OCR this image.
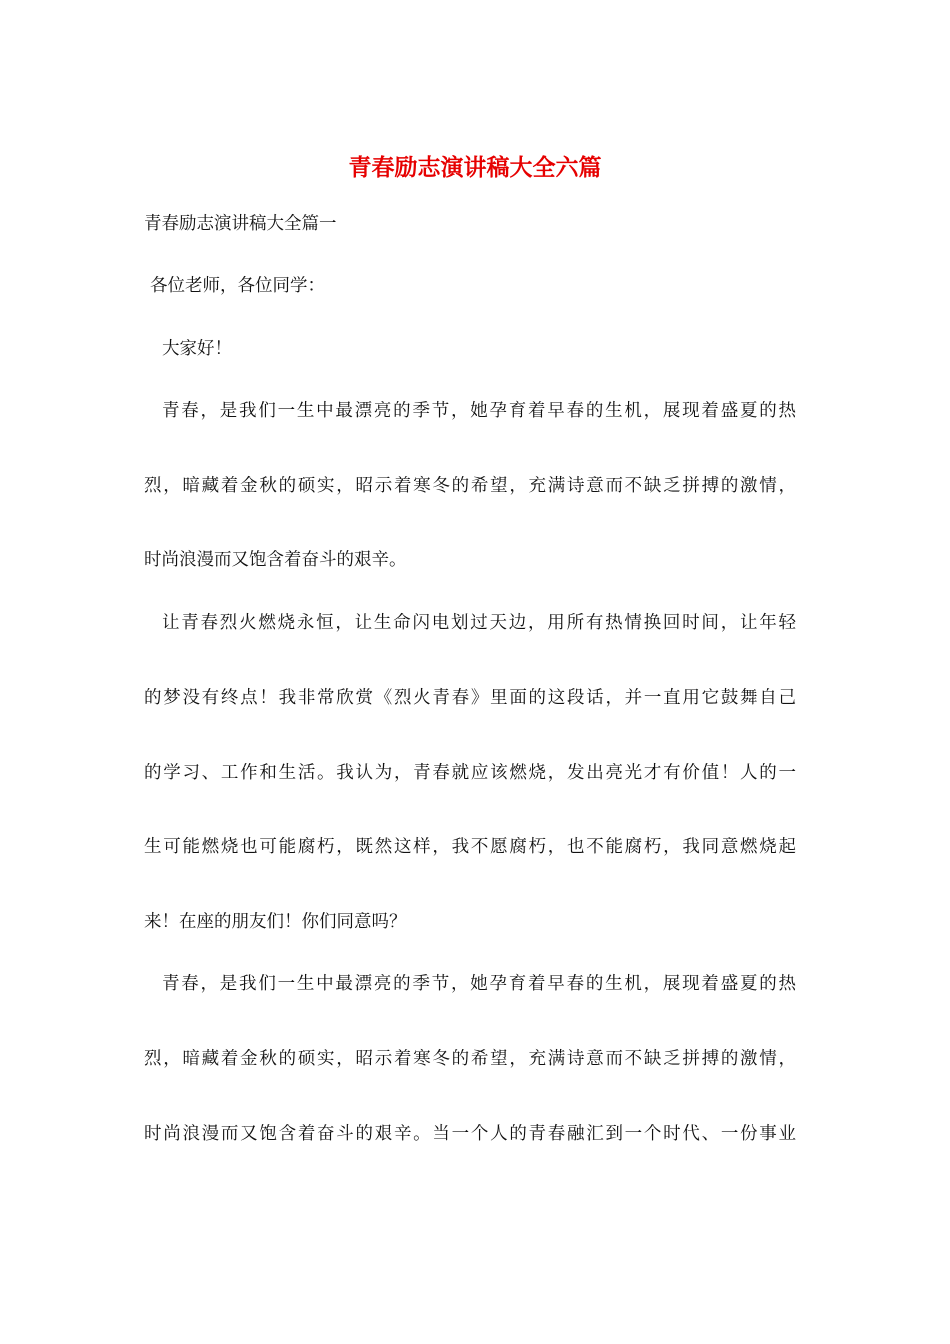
青春励志演讲稿大全六篇

青春励志演讲稿大全篇一

各位老师，各位同学：

大家好！

青春，是我们一生中最漂亮的季节，她孕育着早春的生机，展现着盛夏的热

烈，暗藏着金秋的硕实，昭示着寒冬的希望，充满诗意而不缺乏拼搏的激情，

时尚浪漫而又饱含着奋斗的艰辛。

让青春烈火燃烧永恒，让生命闪电划过天边，用所有热情换回时间，让年轻

的梦没有终点！我非常欣赏《烈火青春》里面的这段话，并一直用它鼓舞自己

的学习、工作和生活。我认为，青春就应该燃烧，发出亮光才有价值！人的一

生可能燃烧也可能腐朽，既然这样，我不愿腐朽，也不能腐朽，我同意燃烧起

来！在座的朋友们！你们同意吗？

青春，是我们一生中最漂亮的季节，她孕育着早春的生机，展现着盛夏的热

烈，暗藏着金秋的硕实，昭示着寒冬的希望，充满诗意而不缺乏拼搏的激情，

时尚浪漫而又饱含着奋斗的艰辛。当一个人的青春融汇到一个时代、一份事业
